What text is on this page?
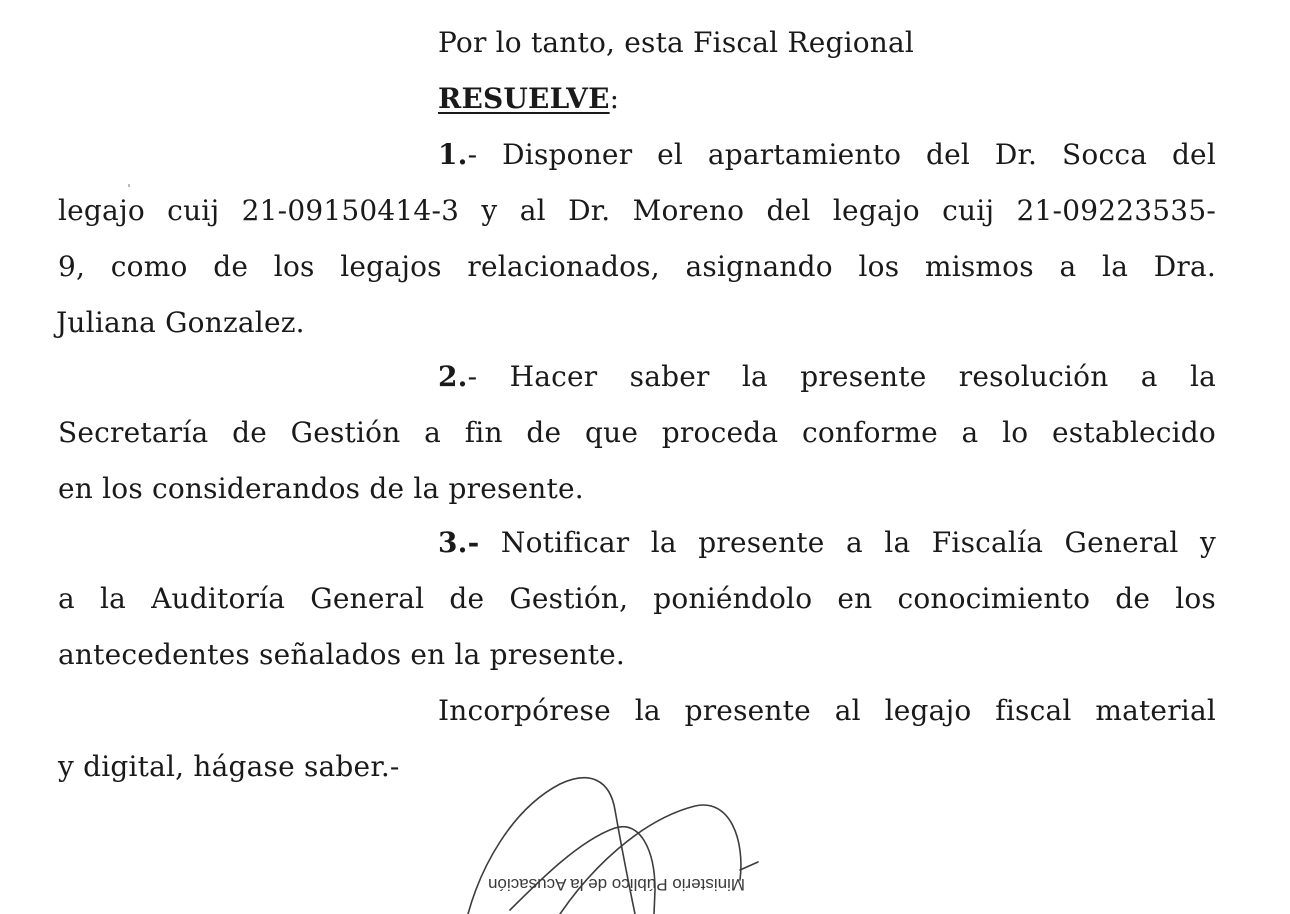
Por lo tanto, esta Fiscal Regional
RESUELVE:
1.- Disponer el apartamiento del Dr. Socca del
legajo cuij 21-09150414-3 y al Dr. Moreno del legajo cuij 21-09223535-
9, como de los legajos relacionados, asignando los mismos a la Dra.
Juliana Gonzalez.
2.- Hacer saber la presente resolución a la
Secretaría de Gestión a fin de que proceda conforme a lo establecido
en los considerandos de la presente.
3.- Notificar la presente a la Fiscalía General y
a la Auditoría General de Gestión, poniéndolo en conocimiento de los
antecedentes señalados en la presente.
Incorpórese la presente al legajo fiscal material
y digital, hágase saber.-
Ministerio Público de la Acusación
